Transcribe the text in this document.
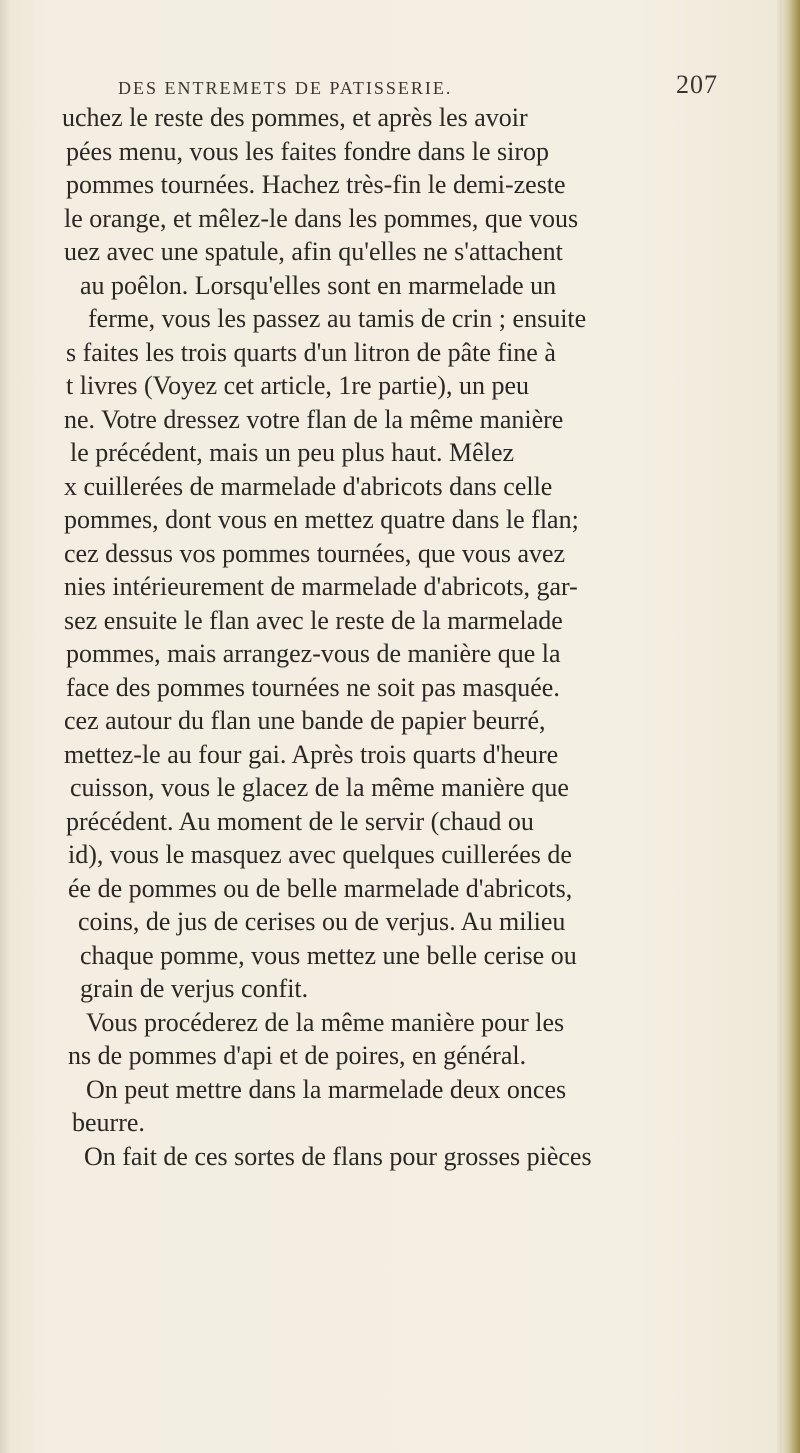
DES ENTREMETS DE PATISSERIE.	207
uchez le reste des pommes, et après les avoir
pées menu, vous les faites fondre dans le sirop
pommes tournées. Hachez très-fin le demi-zeste
le orange, et mêlez-le dans les pommes, que vous
uez avec une spatule, afin qu'elles ne s'attachent
au poêlon. Lorsqu'elles sont en marmelade un
ferme, vous les passez au tamis de crin ; ensuite
s faites les trois quarts d'un litron de pâte fine à
t livres (Voyez cet article, 1re partie), un peu
ne. Votre dressez votre flan de la même manière
le précédent, mais un peu plus haut. Mêlez
x cuillerées de marmelade d'abricots dans celle
pommes, dont vous en mettez quatre dans le flan;
cez dessus vos pommes tournées, que vous avez
nies intérieurement de marmelade d'abricots, gar-
sez ensuite le flan avec le reste de la marmelade
pommes, mais arrangez-vous de manière que la
face des pommes tournées ne soit pas masquée.
cez autour du flan une bande de papier beurré,
mettez-le au four gai. Après trois quarts d'heure
cuisson, vous le glacez de la même manière que
précédent. Au moment de le servir (chaud ou
id), vous le masquez avec quelques cuillerées de
ée de pommes ou de belle marmelade d'abricots,
coins, de jus de cerises ou de verjus. Au milieu
chaque pomme, vous mettez une belle cerise ou
grain de verjus confit.
Vous procéderez de la même manière pour les
ns de pommes d'api et de poires, en général.
On peut mettre dans la marmelade deux onces
beurre.
On fait de ces sortes de flans pour grosses pièces
